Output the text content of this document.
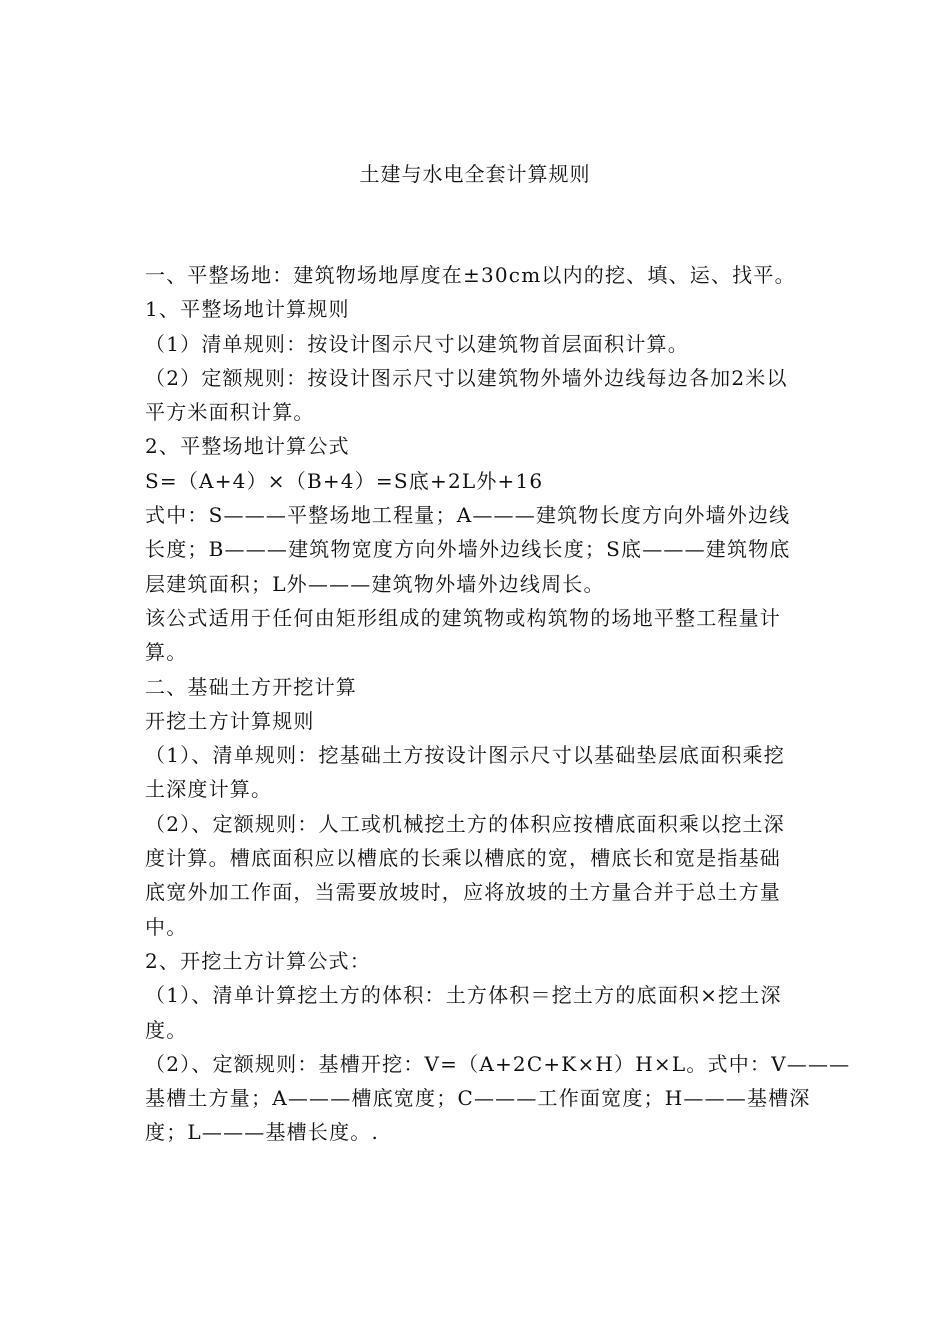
土建与水电全套计算规则
一、平整场地：建筑物场地厚度在±30cm以内的挖、填、运、找平。
1、平整场地计算规则
（1）清单规则：按设计图示尺寸以建筑物首层面积计算。
（2）定额规则：按设计图示尺寸以建筑物外墙外边线每边各加2米以
平方米面积计算。
2、平整场地计算公式
S=（A+4）×（B+4）=S底+2L外+16
式中：S———平整场地工程量；A———建筑物长度方向外墙外边线
长度；B———建筑物宽度方向外墙外边线长度；S底———建筑物底
层建筑面积；L外———建筑物外墙外边线周长。
该公式适用于任何由矩形组成的建筑物或构筑物的场地平整工程量计
算。
二、基础土方开挖计算
开挖土方计算规则
（1）、清单规则：挖基础土方按设计图示尺寸以基础垫层底面积乘挖
土深度计算。
（2）、定额规则：人工或机械挖土方的体积应按槽底面积乘以挖土深
度计算。槽底面积应以槽底的长乘以槽底的宽，槽底长和宽是指基础
底宽外加工作面，当需要放坡时，应将放坡的土方量合并于总土方量
中。
2、开挖土方计算公式：
（1）、清单计算挖土方的体积：土方体积＝挖土方的底面积×挖土深
度。
（2）、定额规则：基槽开挖：V=（A+2C+K×H）H×L。式中：V———
基槽土方量；A———槽底宽度；C———工作面宽度；H———基槽深
度；L———基槽长度。.
